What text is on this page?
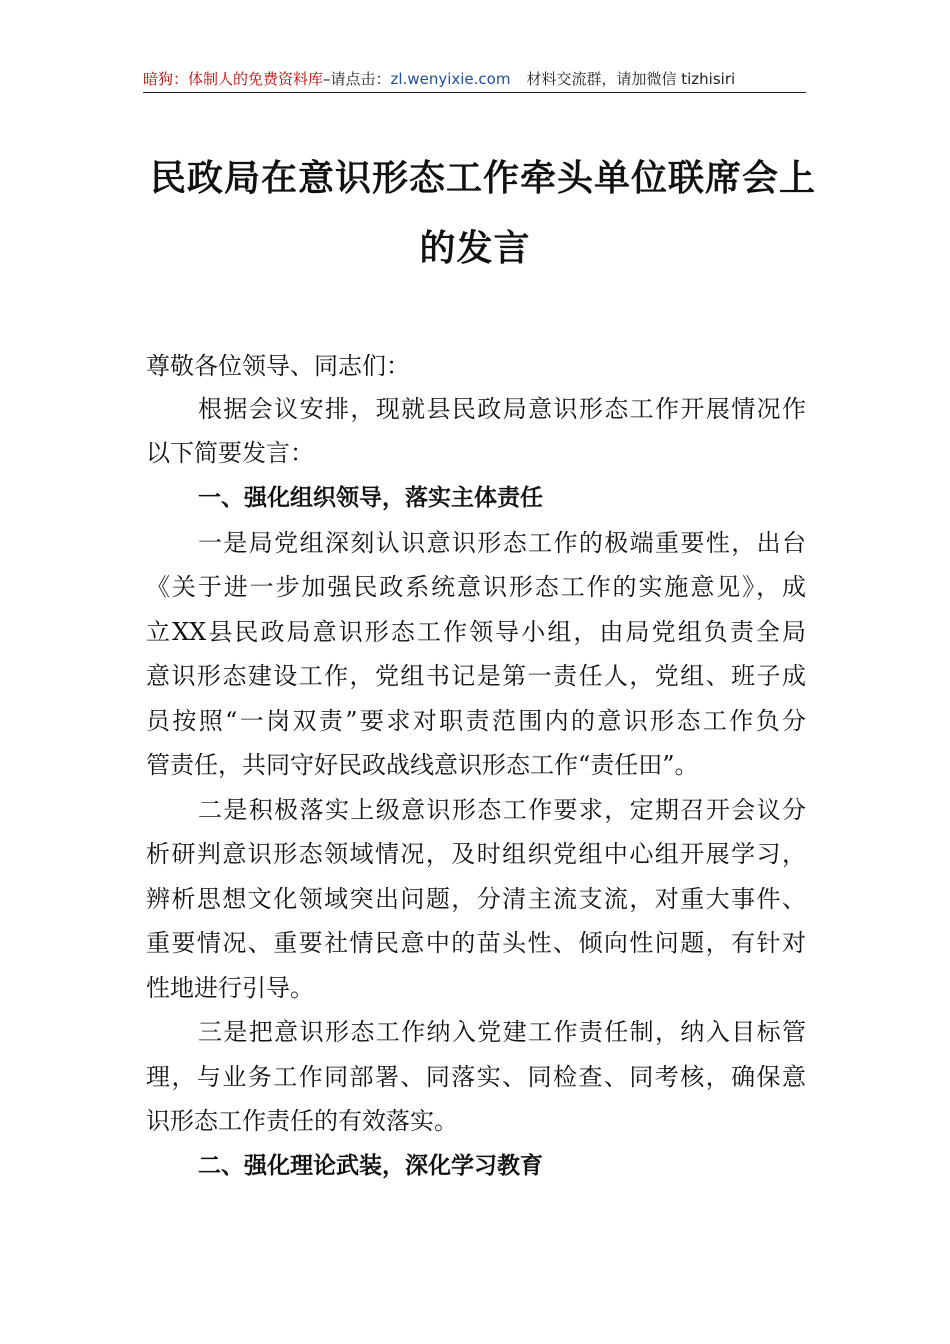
暗狗：体制人的免费资料库–请点击：zl.wenyixie.com 材料交流群，请加微信 tizhisiri
民政局在意识形态工作牵头单位联席会上
的发言
尊敬各位领导、同志们：
根据会议安排，现就县民政局意识形态工作开展情况作
以下简要发言：
一、强化组织领导，落实主体责任
一是局党组深刻认识意识形态工作的极端重要性，出台
《关于进一步加强民政系统意识形态工作的实施意见》，成
立XX县民政局意识形态工作领导小组，由局党组负责全局
意识形态建设工作，党组书记是第一责任人，党组、班子成
员按照“一岗双责”要求对职责范围内的意识形态工作负分
管责任，共同守好民政战线意识形态工作“责任田”。
二是积极落实上级意识形态工作要求，定期召开会议分
析研判意识形态领域情况，及时组织党组中心组开展学习，
辨析思想文化领域突出问题，分清主流支流，对重大事件、
重要情况、重要社情民意中的苗头性、倾向性问题，有针对
性地进行引导。
三是把意识形态工作纳入党建工作责任制，纳入目标管
理，与业务工作同部署、同落实、同检查、同考核，确保意
识形态工作责任的有效落实。
二、强化理论武装，深化学习教育
